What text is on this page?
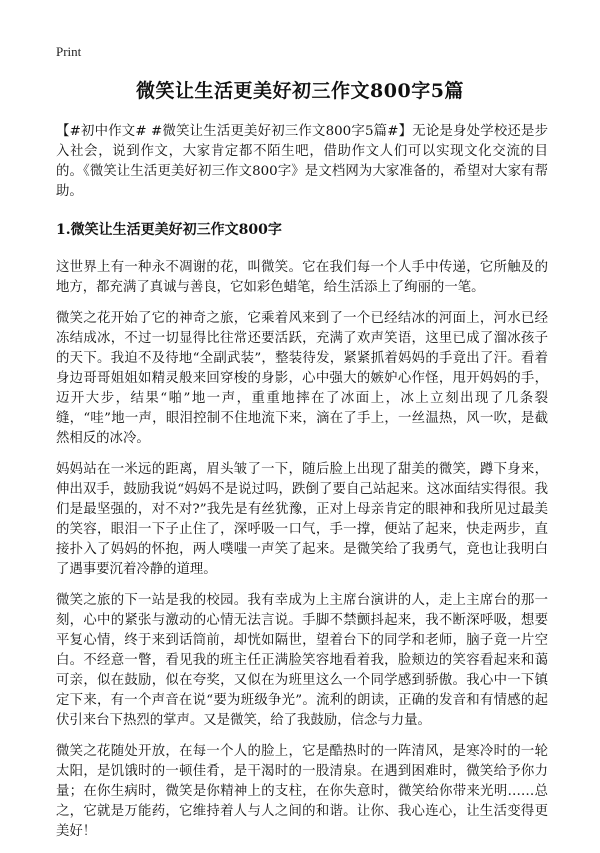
Print
微笑让生活更美好初三作文800字5篇

【#初中作文# #微笑让生活更美好初三作文800字5篇#】无论是身处学校还是步入社会，说到作文，大家肯定都不陌生吧，借助作文人们可以实现文化交流的目的。《微笑让生活更美好初三作文800字》是文档网为大家准备的，希望对大家有帮助。

1.微笑让生活更美好初三作文800字

这世界上有一种永不凋谢的花，叫微笑。它在我们每一个人手中传递，它所触及的地方，都充满了真诚与善良，它如彩色蜡笔，给生活添上了绚丽的一笔。

微笑之花开始了它的神奇之旅，它乘着风来到了一个已经结冰的河面上，河水已经冻结成冰，不过一切显得比往常还要活跃，充满了欢声笑语，这里已成了溜冰孩子的天下。我迫不及待地“全副武装”，整装待发，紧紧抓着妈妈的手竟出了汗。看着身边哥哥姐姐如精灵般来回穿梭的身影，心中强大的嫉妒心作怪，甩开妈妈的手，迈开大步，结果“啪”地一声，重重地摔在了冰面上，冰上立刻出现了几条裂缝，“哇”地一声，眼泪控制不住地流下来，滴在了手上，一丝温热，风一吹，是截然相反的冰冷。

妈妈站在一米远的距离，眉头皱了一下，随后脸上出现了甜美的微笑，蹲下身来，伸出双手，鼓励我说“妈妈不是说过吗，跌倒了要自己站起来。这冰面结实得很。我们是最坚强的，对不对?”我先是有丝犹豫，正对上母亲肯定的眼神和我所见过最美的笑容，眼泪一下子止住了，深呼吸一口气，手一撑，便站了起来，快走两步，直接扑入了妈妈的怀抱，两人噗嗤一声笑了起来。是微笑给了我勇气，竟也让我明白了遇事要沉着冷静的道理。

微笑之旅的下一站是我的校园。我有幸成为上主席台演讲的人，走上主席台的那一刻，心中的紧张与激动的心情无法言说。手脚不禁颤抖起来，我不断深呼吸，想要平复心情，终于来到话筒前，却恍如隔世，望着台下的同学和老师，脑子竟一片空白。不经意一瞥，看见我的班主任正满脸笑容地看着我，脸颊边的笑容看起来和蔼可亲，似在鼓励，似在夸奖，又似在为班里这么一个同学感到骄傲。我心中一下镇定下来，有一个声音在说“要为班级争光”。流利的朗读，正确的发音和有情感的起伏引来台下热烈的掌声。又是微笑，给了我鼓励，信念与力量。

微笑之花随处开放，在每一个人的脸上，它是酷热时的一阵清风，是寒冷时的一轮太阳，是饥饿时的一顿佳肴，是干渴时的一股清泉。在遇到困难时，微笑给予你力量；在你生病时，微笑是你精神上的支柱，在你失意时，微笑给你带来光明……总之，它就是万能药，它维持着人与人之间的和谐。让你、我心连心，让生活变得更美好！
